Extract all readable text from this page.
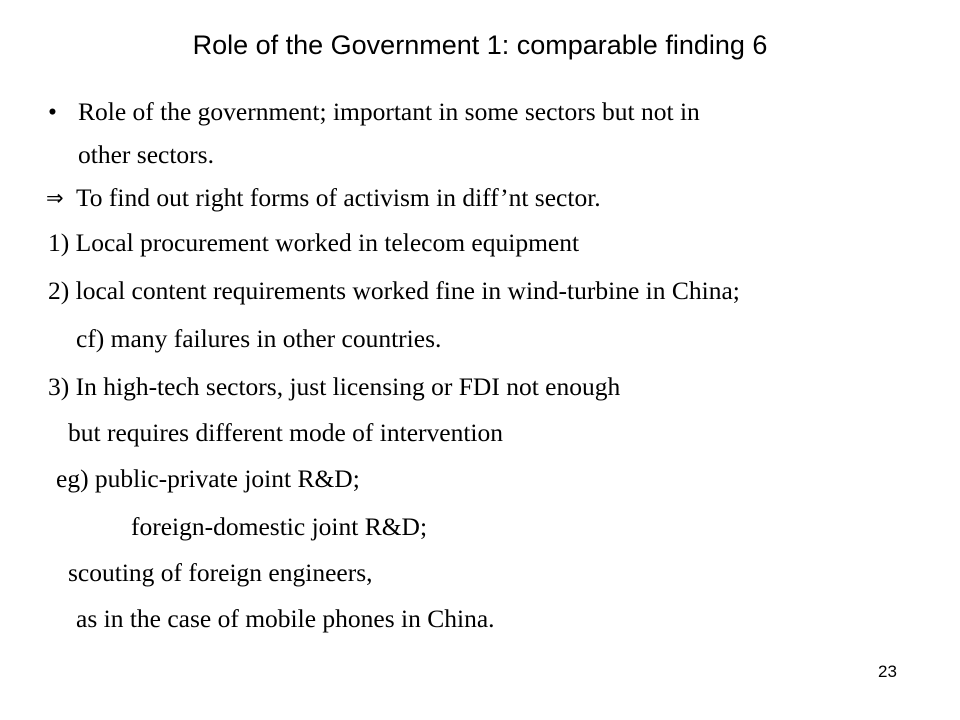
Role of the Government 1: comparable finding 6
• Role of the government; important in some sectors but not in
other sectors.
⇒ To find out right forms of activism in diff’nt sector.
1) Local procurement worked in telecom equipment
2) local content requirements worked fine in wind-turbine in China;
cf) many failures in other countries.
3) In high-tech sectors, just licensing or FDI not enough
but requires different mode of intervention
eg) public-private joint R&D;
foreign-domestic joint R&D;
scouting of foreign engineers,
as in the case of mobile phones in China.
23
